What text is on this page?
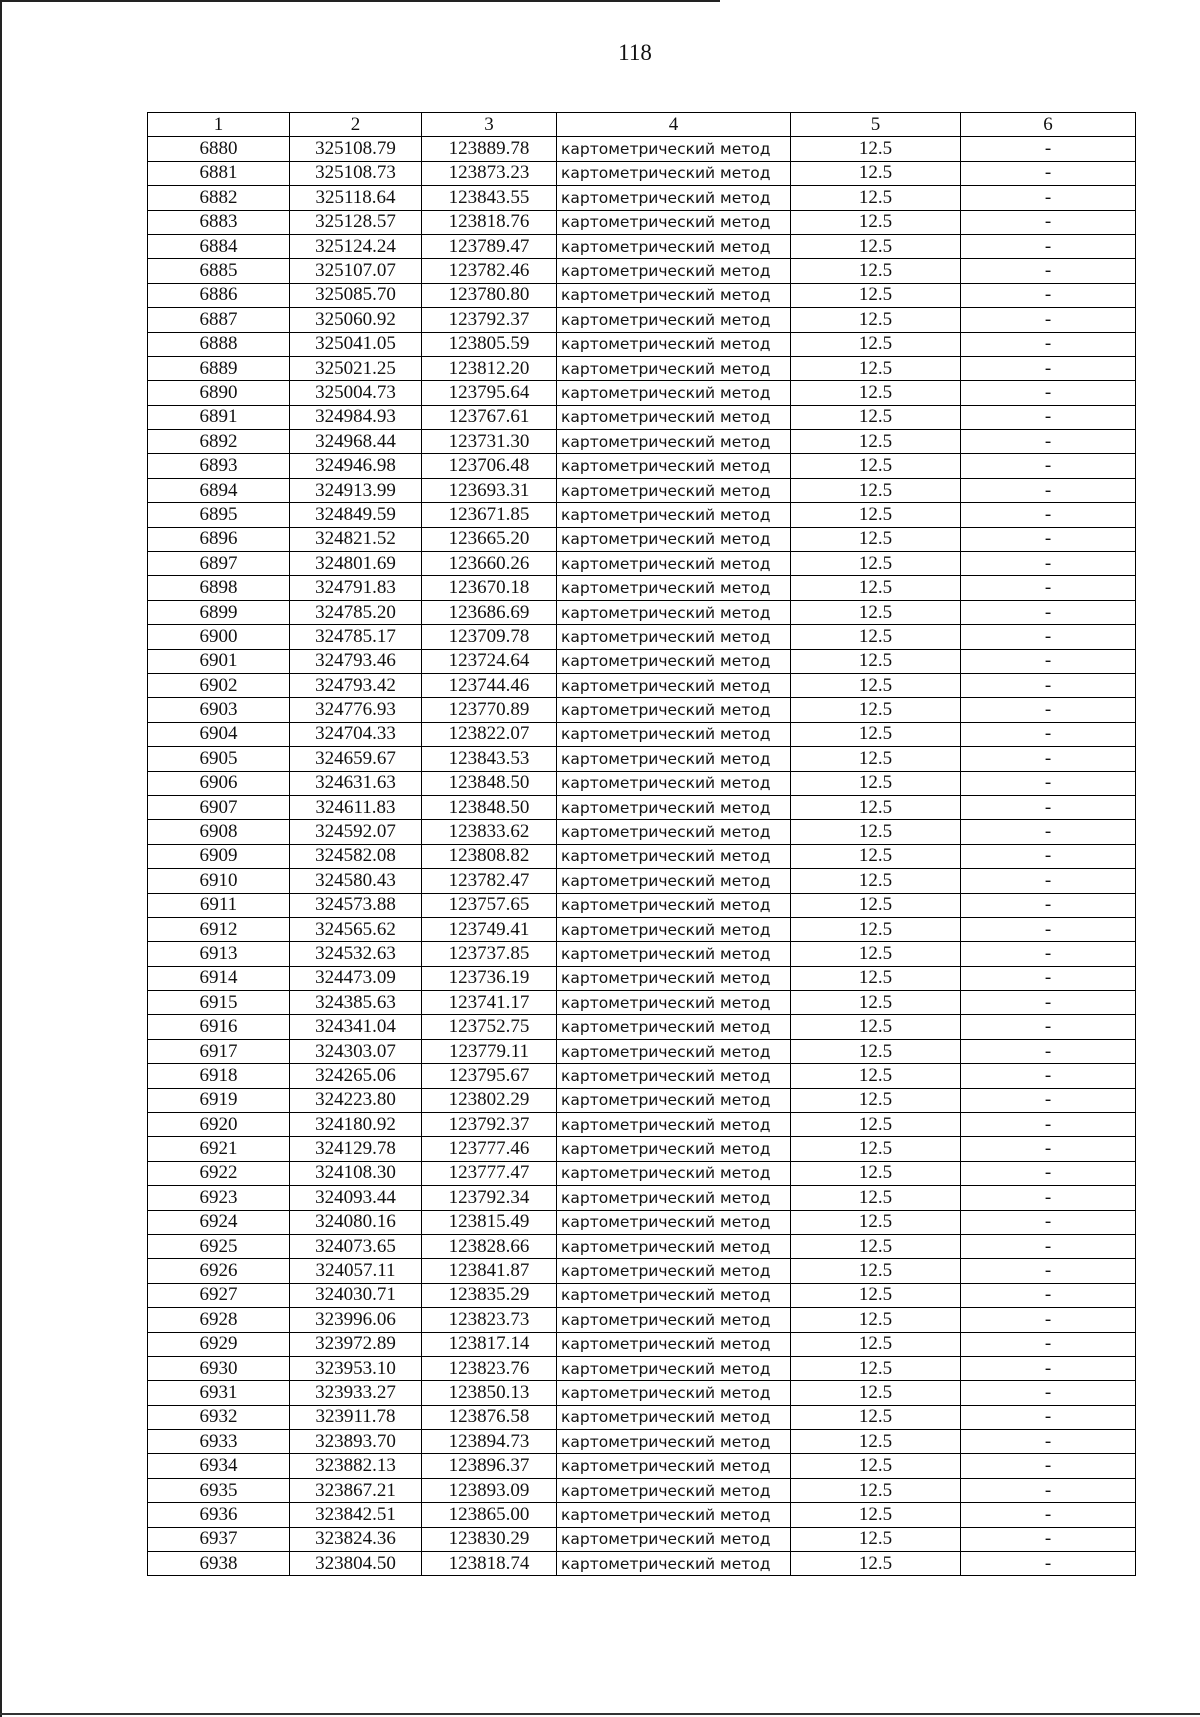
118
1	2	3	4	5	6
6880	325108.79	123889.78	картометрический метод	12.5	-
6881	325108.73	123873.23	картометрический метод	12.5	-
6882	325118.64	123843.55	картометрический метод	12.5	-
6883	325128.57	123818.76	картометрический метод	12.5	-
6884	325124.24	123789.47	картометрический метод	12.5	-
6885	325107.07	123782.46	картометрический метод	12.5	-
6886	325085.70	123780.80	картометрический метод	12.5	-
6887	325060.92	123792.37	картометрический метод	12.5	-
6888	325041.05	123805.59	картометрический метод	12.5	-
6889	325021.25	123812.20	картометрический метод	12.5	-
6890	325004.73	123795.64	картометрический метод	12.5	-
6891	324984.93	123767.61	картометрический метод	12.5	-
6892	324968.44	123731.30	картометрический метод	12.5	-
6893	324946.98	123706.48	картометрический метод	12.5	-
6894	324913.99	123693.31	картометрический метод	12.5	-
6895	324849.59	123671.85	картометрический метод	12.5	-
6896	324821.52	123665.20	картометрический метод	12.5	-
6897	324801.69	123660.26	картометрический метод	12.5	-
6898	324791.83	123670.18	картометрический метод	12.5	-
6899	324785.20	123686.69	картометрический метод	12.5	-
6900	324785.17	123709.78	картометрический метод	12.5	-
6901	324793.46	123724.64	картометрический метод	12.5	-
6902	324793.42	123744.46	картометрический метод	12.5	-
6903	324776.93	123770.89	картометрический метод	12.5	-
6904	324704.33	123822.07	картометрический метод	12.5	-
6905	324659.67	123843.53	картометрический метод	12.5	-
6906	324631.63	123848.50	картометрический метод	12.5	-
6907	324611.83	123848.50	картометрический метод	12.5	-
6908	324592.07	123833.62	картометрический метод	12.5	-
6909	324582.08	123808.82	картометрический метод	12.5	-
6910	324580.43	123782.47	картометрический метод	12.5	-
6911	324573.88	123757.65	картометрический метод	12.5	-
6912	324565.62	123749.41	картометрический метод	12.5	-
6913	324532.63	123737.85	картометрический метод	12.5	-
6914	324473.09	123736.19	картометрический метод	12.5	-
6915	324385.63	123741.17	картометрический метод	12.5	-
6916	324341.04	123752.75	картометрический метод	12.5	-
6917	324303.07	123779.11	картометрический метод	12.5	-
6918	324265.06	123795.67	картометрический метод	12.5	-
6919	324223.80	123802.29	картометрический метод	12.5	-
6920	324180.92	123792.37	картометрический метод	12.5	-
6921	324129.78	123777.46	картометрический метод	12.5	-
6922	324108.30	123777.47	картометрический метод	12.5	-
6923	324093.44	123792.34	картометрический метод	12.5	-
6924	324080.16	123815.49	картометрический метод	12.5	-
6925	324073.65	123828.66	картометрический метод	12.5	-
6926	324057.11	123841.87	картометрический метод	12.5	-
6927	324030.71	123835.29	картометрический метод	12.5	-
6928	323996.06	123823.73	картометрический метод	12.5	-
6929	323972.89	123817.14	картометрический метод	12.5	-
6930	323953.10	123823.76	картометрический метод	12.5	-
6931	323933.27	123850.13	картометрический метод	12.5	-
6932	323911.78	123876.58	картометрический метод	12.5	-
6933	323893.70	123894.73	картометрический метод	12.5	-
6934	323882.13	123896.37	картометрический метод	12.5	-
6935	323867.21	123893.09	картометрический метод	12.5	-
6936	323842.51	123865.00	картометрический метод	12.5	-
6937	323824.36	123830.29	картометрический метод	12.5	-
6938	323804.50	123818.74	картометрический метод	12.5	-
